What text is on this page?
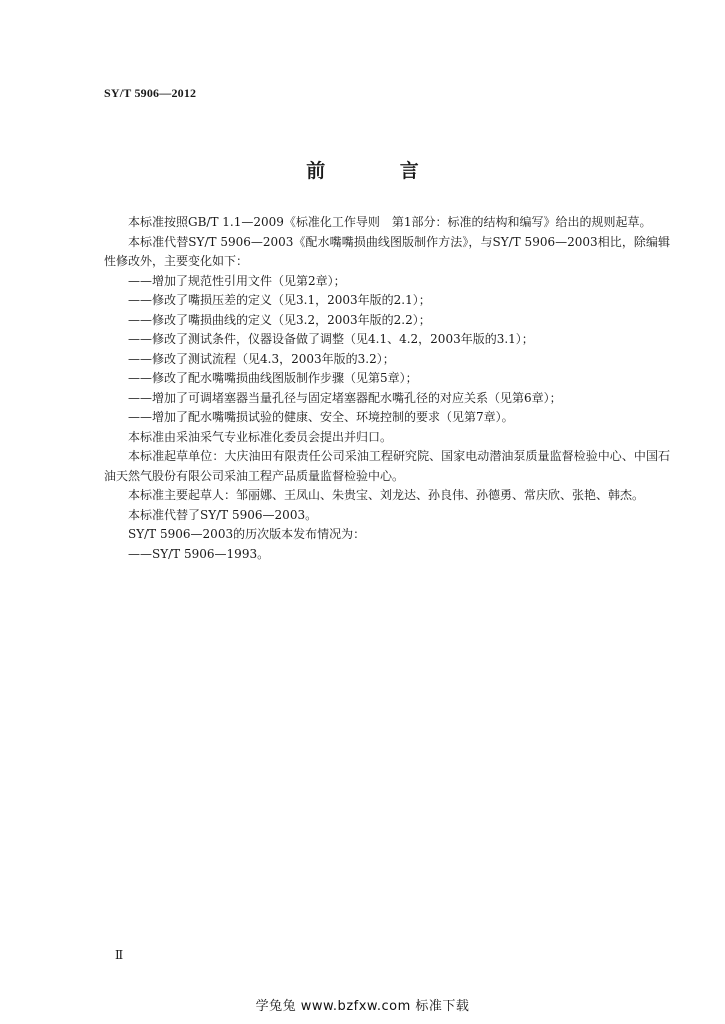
SY/T 5906—2012
前 言

本标准按照GB/T 1.1—2009《标准化工作导则　第1部分：标准的结构和编写》给出的规则起草。

本标准代替SY/T 5906—2003《配水嘴嘴损曲线图版制作方法》，与SY/T 5906—2003相比，除编辑性修改外，主要变化如下：

——增加了规范性引用文件（见第2章）；

——修改了嘴损压差的定义（见3.1，2003年版的2.1）；

——修改了嘴损曲线的定义（见3.2，2003年版的2.2）；

——修改了测试条件，仪器设备做了调整（见4.1、4.2，2003年版的3.1）；

——修改了测试流程（见4.3，2003年版的3.2）；

——修改了配水嘴嘴损曲线图版制作步骤（见第5章）；

——增加了可调堵塞器当量孔径与固定堵塞器配水嘴孔径的对应关系（见第6章）；

——增加了配水嘴嘴损试验的健康、安全、环境控制的要求（见第7章）。

本标准由采油采气专业标准化委员会提出并归口。

本标准起草单位：大庆油田有限责任公司采油工程研究院、国家电动潜油泵质量监督检验中心、中国石油天然气股份有限公司采油工程产品质量监督检验中心。

本标准主要起草人：邹丽娜、王凤山、朱贵宝、刘龙达、孙良伟、孙德勇、常庆欣、张艳、韩杰。

本标准代替了SY/T 5906—2003。

SY/T 5906—2003的历次版本发布情况为：

——SY/T 5906—1993。

Ⅱ
学兔兔 www.bzfxw.com 标准下载
